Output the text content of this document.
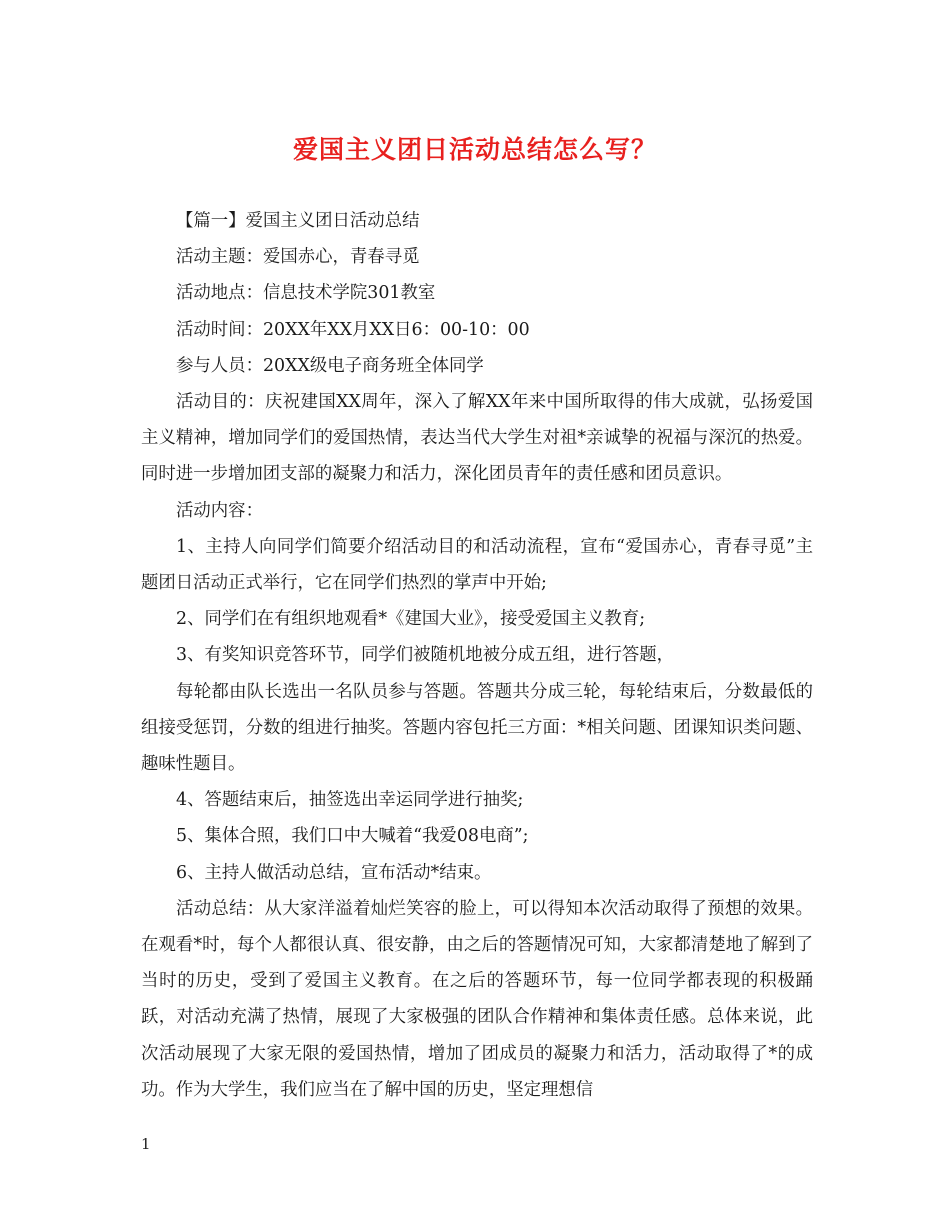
爱国主义团日活动总结怎么写？

【篇一】爱国主义团日活动总结

活动主题：爱国赤心，青春寻觅

活动地点：信息技术学院301教室

活动时间：20XX年XX月XX日6：00-10：00

参与人员：20XX级电子商务班全体同学

活动目的：庆祝建国XX周年，深入了解XX年来中国所取得的伟大成就，弘扬爱国主义精神，增加同学们的爱国热情，表达当代大学生对祖*亲诚挚的祝福与深沉的热爱。同时进一步增加团支部的凝聚力和活力，深化团员青年的责任感和团员意识。

活动内容：

1、主持人向同学们简要介绍活动目的和活动流程，宣布“爱国赤心，青春寻觅”主题团日活动正式举行，它在同学们热烈的掌声中开始;

2、同学们在有组织地观看*《建国大业》，接受爱国主义教育;

3、有奖知识竞答环节，同学们被随机地被分成五组，进行答题，

每轮都由队长选出一名队员参与答题。答题共分成三轮，每轮结束后，分数最低的组接受惩罚，分数的组进行抽奖。答题内容包托三方面：*相关问题、团课知识类问题、趣味性题目。

4、答题结束后，抽签选出幸运同学进行抽奖;

5、集体合照，我们口中大喊着“我爱08电商”;

6、主持人做活动总结，宣布活动*结束。

活动总结：从大家洋溢着灿烂笑容的脸上，可以得知本次活动取得了预想的效果。在观看*时，每个人都很认真、很安静，由之后的答题情况可知，大家都清楚地了解到了当时的历史，受到了爱国主义教育。在之后的答题环节，每一位同学都表现的积极踊跃，对活动充满了热情，展现了大家极强的团队合作精神和集体责任感。总体来说，此次活动展现了大家无限的爱国热情，增加了团成员的凝聚力和活力，活动取得了*的成功。作为大学生，我们应当在了解中国的历史，坚定理想信

1
